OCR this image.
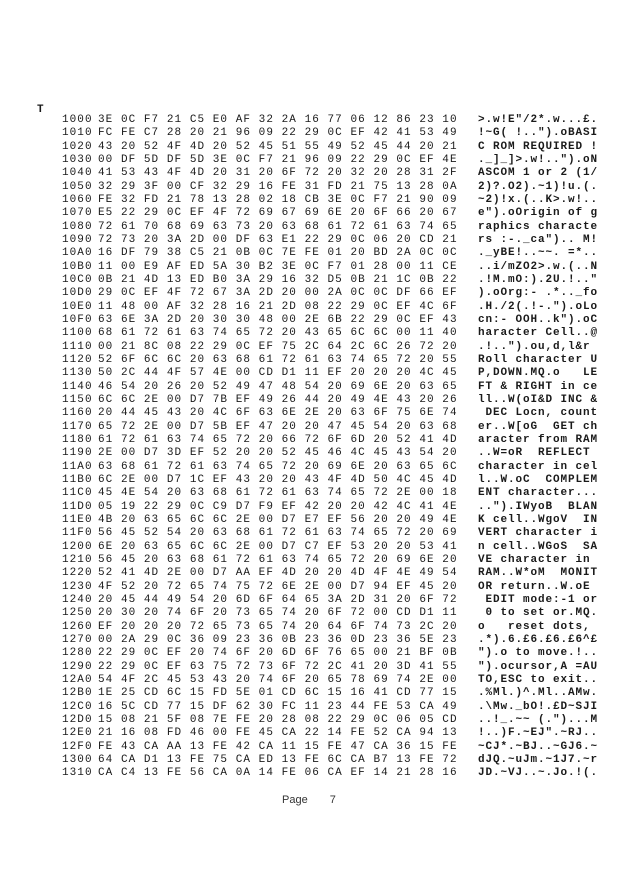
T
1000 3E 0C F7 21 C5 E0 AF 32 2A 16 77 06 12 86 23 10 >.w!E"/2*.w...£.
1010 FC FE C7 28 20 21 96 09 22 29 0C EF 42 41 53 49 !~G( !..").oBASI
1020 43 20 52 4F 4D 20 52 45 51 55 49 52 45 44 20 21 C ROM REQUIRED !
1030 00 DF 5D DF 5D 3E 0C F7 21 96 09 22 29 0C EF 4E ._]_]>.w!..").oN
1040 41 53 43 4F 4D 20 31 20 6F 72 20 32 20 28 31 2F ASCOM 1 or 2 (1/
1050 32 29 3F 00 CF 32 29 16 FE 31 FD 21 75 13 28 0A 2)?.O2).~1)!u.(.
1060 FE 32 FD 21 78 13 28 02 18 CB 3E 0C F7 21 90 09 ~2)!x.(..K>.w!..
1070 E5 22 29 0C EF 4F 72 69 67 69 6E 20 6F 66 20 67 e").oOrigin of g
1080 72 61 70 68 69 63 73 20 63 68 61 72 61 63 74 65 raphics characte
1090 72 73 20 3A 2D 00 DF 63 E1 22 29 0C 06 20 CD 21 rs :-._ca").. M!
10A0 16 DF 79 38 C5 21 0B 0C 7E FE 01 20 BD 2A 0C 0C ._yBE!..~~. =*..
10B0 11 00 E9 AF ED 5A 30 B2 3E 0C F7 01 28 00 11 CE ..i/mZO2>.w.(..N
10C0 0B 21 4D 13 ED B0 3A 29 16 32 D5 0B 21 1C 0B 22 .!M.mO:).2U.!.."
10D0 29 0C EF 4F 72 67 3A 2D 20 00 2A 0C 0C DF 66 EF ).oOrg:- .*.._fo
10E0 11 48 00 AF 32 28 16 21 2D 08 22 29 0C EF 4C 6F .H./2(.!-.").oLo
10F0 63 6E 3A 2D 20 30 30 48 00 2E 6B 22 29 0C EF 43 cn:- OOH..k").oC
1100 68 61 72 61 63 74 65 72 20 43 65 6C 6C 00 11 40 haracter Cell..@
1110 00 21 8C 08 22 29 0C EF 75 2C 64 2C 6C 26 72 20 .!..").ou,d,l&r
1120 52 6F 6C 6C 20 63 68 61 72 61 63 74 65 72 20 55 Roll character U
1130 50 2C 44 4F 57 4E 00 CD D1 11 EF 20 20 20 4C 45 P,DOWN.MQ.o   LE
1140 46 54 20 26 20 52 49 47 48 54 20 69 6E 20 63 65 FT & RIGHT in ce
1150 6C 6C 2E 00 D7 7B EF 49 26 44 20 49 4E 43 20 26 ll..W(oI&D INC &
1160 20 44 45 43 20 4C 6F 63 6E 2E 20 63 6F 75 6E 74 DEC Locn, count
1170 65 72 2E 00 D7 5B EF 47 20 20 47 45 54 20 63 68 er..W[oG  GET ch
1180 61 72 61 63 74 65 72 20 66 72 6F 6D 20 52 41 4D aracter from RAM
1190 2E 00 D7 3D EF 52 20 20 52 45 46 4C 45 43 54 20 ..W=oR  REFLECT
11A0 63 68 61 72 61 63 74 65 72 20 69 6E 20 63 65 6C character in cel
11B0 6C 2E 00 D7 1C EF 43 20 20 43 4F 4D 50 4C 45 4D l..W.oC  COMPLEM
11C0 45 4E 54 20 63 68 61 72 61 63 74 65 72 2E 00 18 ENT character...
11D0 05 19 22 29 0C C9 D7 F9 EF 42 20 20 42 4C 41 4E ..").IWyoB  BLAN
11E0 4B 20 63 65 6C 6C 2E 00 D7 E7 EF 56 20 20 49 4E K cell..WgoV  IN
11F0 56 45 52 54 20 63 68 61 72 61 63 74 65 72 20 69 VERT character i
1200 6E 20 63 65 6C 6C 2E 00 D7 C7 EF 53 20 20 53 41 n cell..WGoS  SA
1210 56 45 20 63 68 61 72 61 63 74 65 72 20 69 6E 20 VE character in
1220 52 41 4D 2E 00 D7 AA EF 4D 20 20 4D 4F 4E 49 54 RAM..W*oM  MONIT
1230 4F 52 20 72 65 74 75 72 6E 2E 00 D7 94 EF 45 20 OR return..W.oE
1240 20 45 44 49 54 20 6D 6F 64 65 3A 2D 31 20 6F 72 EDIT mode:-1 or
1250 20 30 20 74 6F 20 73 65 74 20 6F 72 00 CD D1 11 0 to set or.MQ.
1260 EF 20 20 20 72 65 73 65 74 20 64 6F 74 73 2C 20 o   reset dots,
1270 00 2A 29 0C 36 09 23 36 0B 23 36 0D 23 36 5E 23 .*).6.£6.£6.£6^£
1280 22 29 0C EF 20 74 6F 20 6D 6F 76 65 00 21 BF 0B ").o to move.!..
1290 22 29 0C EF 63 75 72 73 6F 72 2C 41 20 3D 41 55 ").ocursor,A =AU
12A0 54 4F 2C 45 53 43 20 74 6F 20 65 78 69 74 2E 00 TO,ESC to exit..
12B0 1E 25 CD 6C 15 FD 5E 01 CD 6C 15 16 41 CD 77 15 .%Ml.)^.Ml..AMw.
12C0 16 5C CD 77 15 DF 62 30 FC 11 23 44 FE 53 CA 49 .\Mw._bO!.£D~SJI
12D0 15 08 21 5F 08 7E FE 20 28 08 22 29 0C 06 05 CD ..!_.~~ (.")...M
12E0 21 16 08 FD 46 00 FE 45 CA 22 14 FE 52 CA 94 13 !..)F.~EJ".~RJ..
12F0 FE 43 CA AA 13 FE 42 CA 11 15 FE 47 CA 36 15 FE ~CJ*.~BJ..~GJ6.~
1300 64 CA D1 13 FE 75 CA ED 13 FE 6C CA B7 13 FE 72 dJQ.~uJm.~1J7.~r
1310 CA C4 13 FE 56 CA 0A 14 FE 06 CA EF 14 21 28 16 JD.~VJ..~.Jo.!(.
Page 7
